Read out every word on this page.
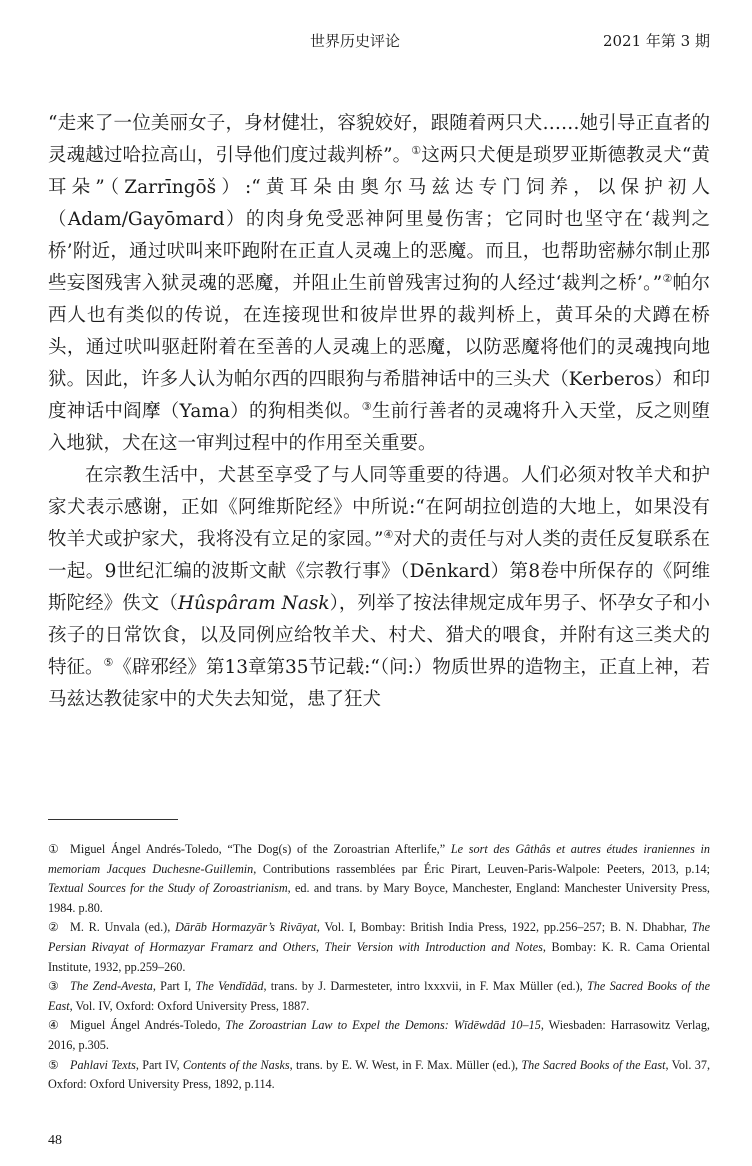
世界历史评论	2021 年第 3 期

“走来了一位美丽女子，身材健壮，容貌姣好，跟随着两只犬……她引导正直者的灵魂越过哈拉高山，引导他们度过裁判桥”。①这两只犬便是琐罗亚斯德教灵犬“黄耳朵”（Zarrīngōš）:“黄耳朵由奥尔马兹达专门饲养，以保护初人（Adam/Gayōmard）的肉身免受恶神阿里曼伤害；它同时也坚守在‘裁判之桥’附近，通过吠叫来吓跑附在正直人灵魂上的恶魔。而且，也帮助密赫尔制止那些妄图残害入狱灵魂的恶魔，并阻止生前曾残害过狗的人经过‘裁判之桥’。”②帕尔西人也有类似的传说，在连接现世和彼岸世界的裁判桥上，黄耳朵的犬蹲在桥头，通过吠叫驱赶附着在至善的人灵魂上的恶魔，以防恶魔将他们的灵魂拽向地狱。因此，许多人认为帕尔西的四眼狗与希腊神话中的三头犬（Kerberos）和印度神话中阎摩（Yama）的狗相类似。③生前行善者的灵魂将升入天堂，反之则堕入地狱，犬在这一审判过程中的作用至关重要。

在宗教生活中，犬甚至享受了与人同等重要的待遇。人们必须对牧羊犬和护家犬表示感谢，正如《阿维斯陀经》中所说:“在阿胡拉创造的大地上，如果没有牧羊犬或护家犬，我将没有立足的家园。”④对犬的责任与对人类的责任反复联系在一起。9世纪汇编的波斯文献《宗教行事》（Dēnkard）第8卷中所保存的《阿维斯陀经》佚文（Hûspâram Nask），列举了按法律规定成年男子、怀孕女子和小孩子的日常饮食，以及同例应给牧羊犬、村犬、猎犬的喂食，并附有这三类犬的特征。⑤《辟邪经》第13章第35节记载:“（问:）物质世界的造物主，正直上神，若马兹达教徒家中的犬失去知觉，患了狂犬

① Miguel Ángel Andrés-Toledo, “The Dog(s) of the Zoroastrian Afterlife,” Le sort des Gâthâs et autres études iraniennes in memoriam Jacques Duchesne-Guillemin, Contributions rassemblées par Éric Pirart, Leuven-Paris-Walpole: Peeters, 2013, p.14; Textual Sources for the Study of Zoroastrianism, ed. and trans. by Mary Boyce, Manchester, England: Manchester University Press, 1984. p.80.

② M. R. Unvala (ed.), Dārāb Hormazyār’s Rivāyat, Vol. I, Bombay: British India Press, 1922, pp.256–257; B. N. Dhabhar, The Persian Rivayat of Hormazyar Framarz and Others, Their Version with Introduction and Notes, Bombay: K. R. Cama Oriental Institute, 1932, pp.259–260.

③ The Zend-Avesta, Part I, The Vendīdād, trans. by J. Darmesteter, intro lxxxvii, in F. Max Müller (ed.), The Sacred Books of the East, Vol. IV, Oxford: Oxford University Press, 1887.

④ Miguel Ángel Andrés-Toledo, The Zoroastrian Law to Expel the Demons: Wīdēwdād 10–15, Wiesbaden: Harrasowitz Verlag, 2016, p.305.

⑤ Pahlavi Texts, Part IV, Contents of the Nasks, trans. by E. W. West, in F. Max. Müller (ed.), The Sacred Books of the East, Vol. 37, Oxford: Oxford University Press, 1892, p.114.

48
